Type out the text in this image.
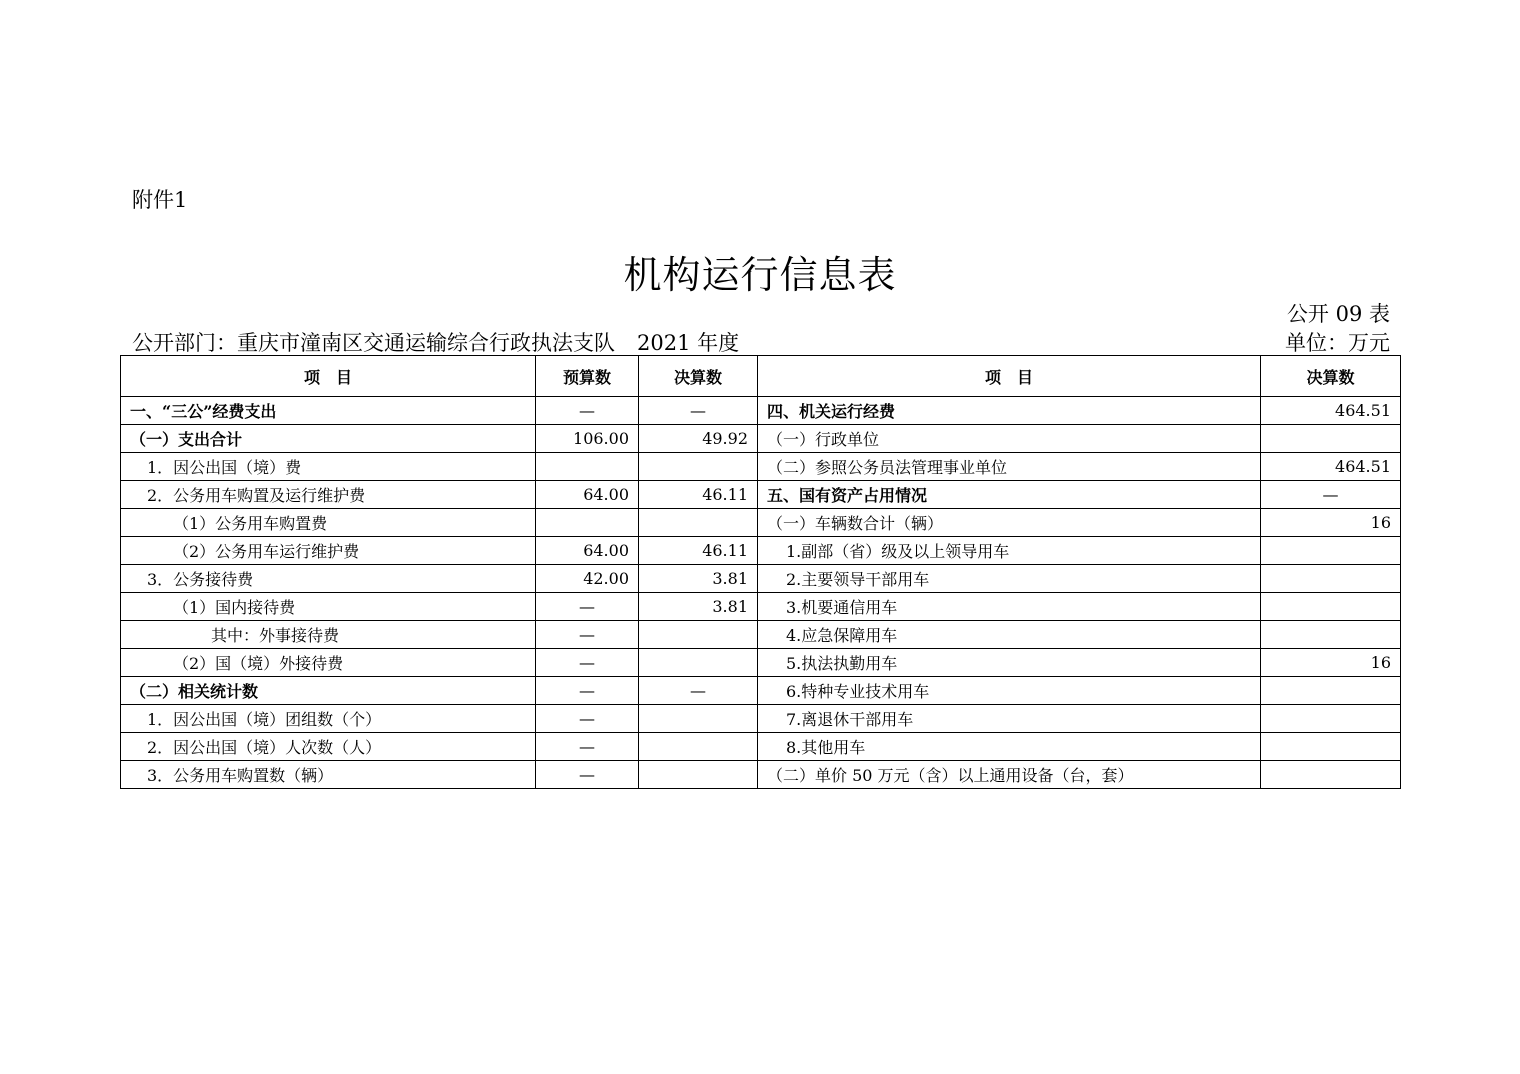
附件1
机构运行信息表
公开 09 表
公开部门：重庆市潼南区交通运输综合行政执法支队 2021 年度	单位：万元
项　目	预算数	决算数	项　目	决算数
一、“三公”经费支出	—	—	四、机关运行经费	464.51
（一）支出合计	106.00	49.92	（一）行政单位	
1．因公出国（境）费			（二）参照公务员法管理事业单位	464.51
2．公务用车购置及运行维护费	64.00	46.11	五、国有资产占用情况	—
（1）公务用车购置费			（一）车辆数合计（辆）	16
（2）公务用车运行维护费	64.00	46.11	1.副部（省）级及以上领导用车	
3．公务接待费	42.00	3.81	2.主要领导干部用车	
（1）国内接待费	—	3.81	3.机要通信用车	
其中：外事接待费	—		4.应急保障用车	
（2）国（境）外接待费	—		5.执法执勤用车	16
（二）相关统计数	—	—	6.特种专业技术用车	
1．因公出国（境）团组数（个）	—		7.离退休干部用车	
2．因公出国（境）人次数（人）	—		8.其他用车	
3．公务用车购置数（辆）	—		（二）单价 50 万元（含）以上通用设备（台，套）	
